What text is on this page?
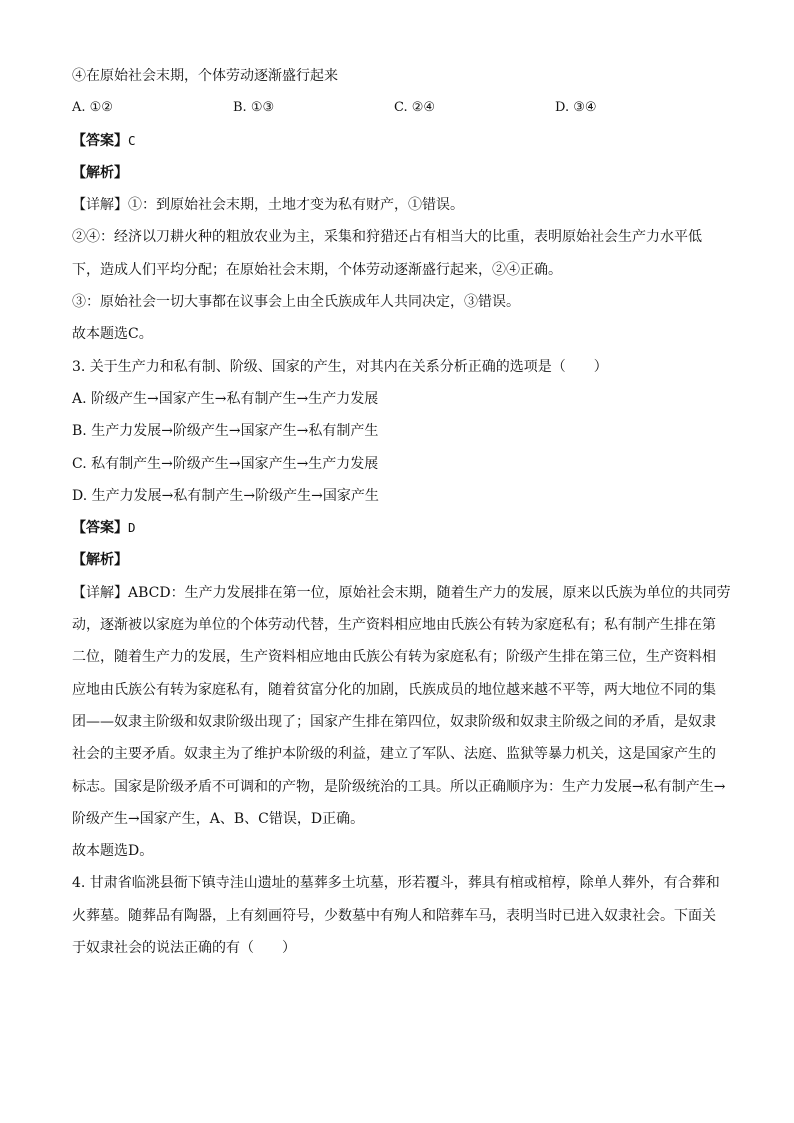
④在原始社会末期，个体劳动逐渐盛行起来
A. ①②	B. ①③	C. ②④	D. ③④
【答案】C
【解析】
【详解】①：到原始社会末期，土地才变为私有财产，①错误。
②④：经济以刀耕火种的粗放农业为主，采集和狩猎还占有相当大的比重，表明原始社会生产力水平低
下，造成人们平均分配；在原始社会末期，个体劳动逐渐盛行起来，②④正确。
③：原始社会一切大事都在议事会上由全氏族成年人共同决定，③错误。
故本题选C。
3. 关于生产力和私有制、阶级、国家的产生，对其内在关系分析正确的选项是（　　）
A. 阶级产生→国家产生→私有制产生→生产力发展
B. 生产力发展→阶级产生→国家产生→私有制产生
C. 私有制产生→阶级产生→国家产生→生产力发展
D. 生产力发展→私有制产生→阶级产生→国家产生
【答案】D
【解析】
【详解】ABCD：生产力发展排在第一位，原始社会末期，随着生产力的发展，原来以氏族为单位的共同劳
动，逐渐被以家庭为单位的个体劳动代替，生产资料相应地由氏族公有转为家庭私有；私有制产生排在第
二位，随着生产力的发展，生产资料相应地由氏族公有转为家庭私有；阶级产生排在第三位，生产资料相
应地由氏族公有转为家庭私有，随着贫富分化的加剧，氏族成员的地位越来越不平等，两大地位不同的集
团——奴隶主阶级和奴隶阶级出现了；国家产生排在第四位，奴隶阶级和奴隶主阶级之间的矛盾，是奴隶
社会的主要矛盾。奴隶主为了维护本阶级的利益，建立了军队、法庭、监狱等暴力机关，这是国家产生的
标志。国家是阶级矛盾不可调和的产物，是阶级统治的工具。所以正确顺序为：生产力发展→私有制产生→
阶级产生→国家产生，A、B、C错误，D正确。
故本题选D。
4. 甘肃省临洮县衙下镇寺洼山遗址的墓葬多土坑墓，形若覆斗，葬具有棺或棺椁，除单人葬外，有合葬和
火葬墓。随葬品有陶器，上有刻画符号，少数墓中有殉人和陪葬车马，表明当时已进入奴隶社会。下面关
于奴隶社会的说法正确的有（　　）
